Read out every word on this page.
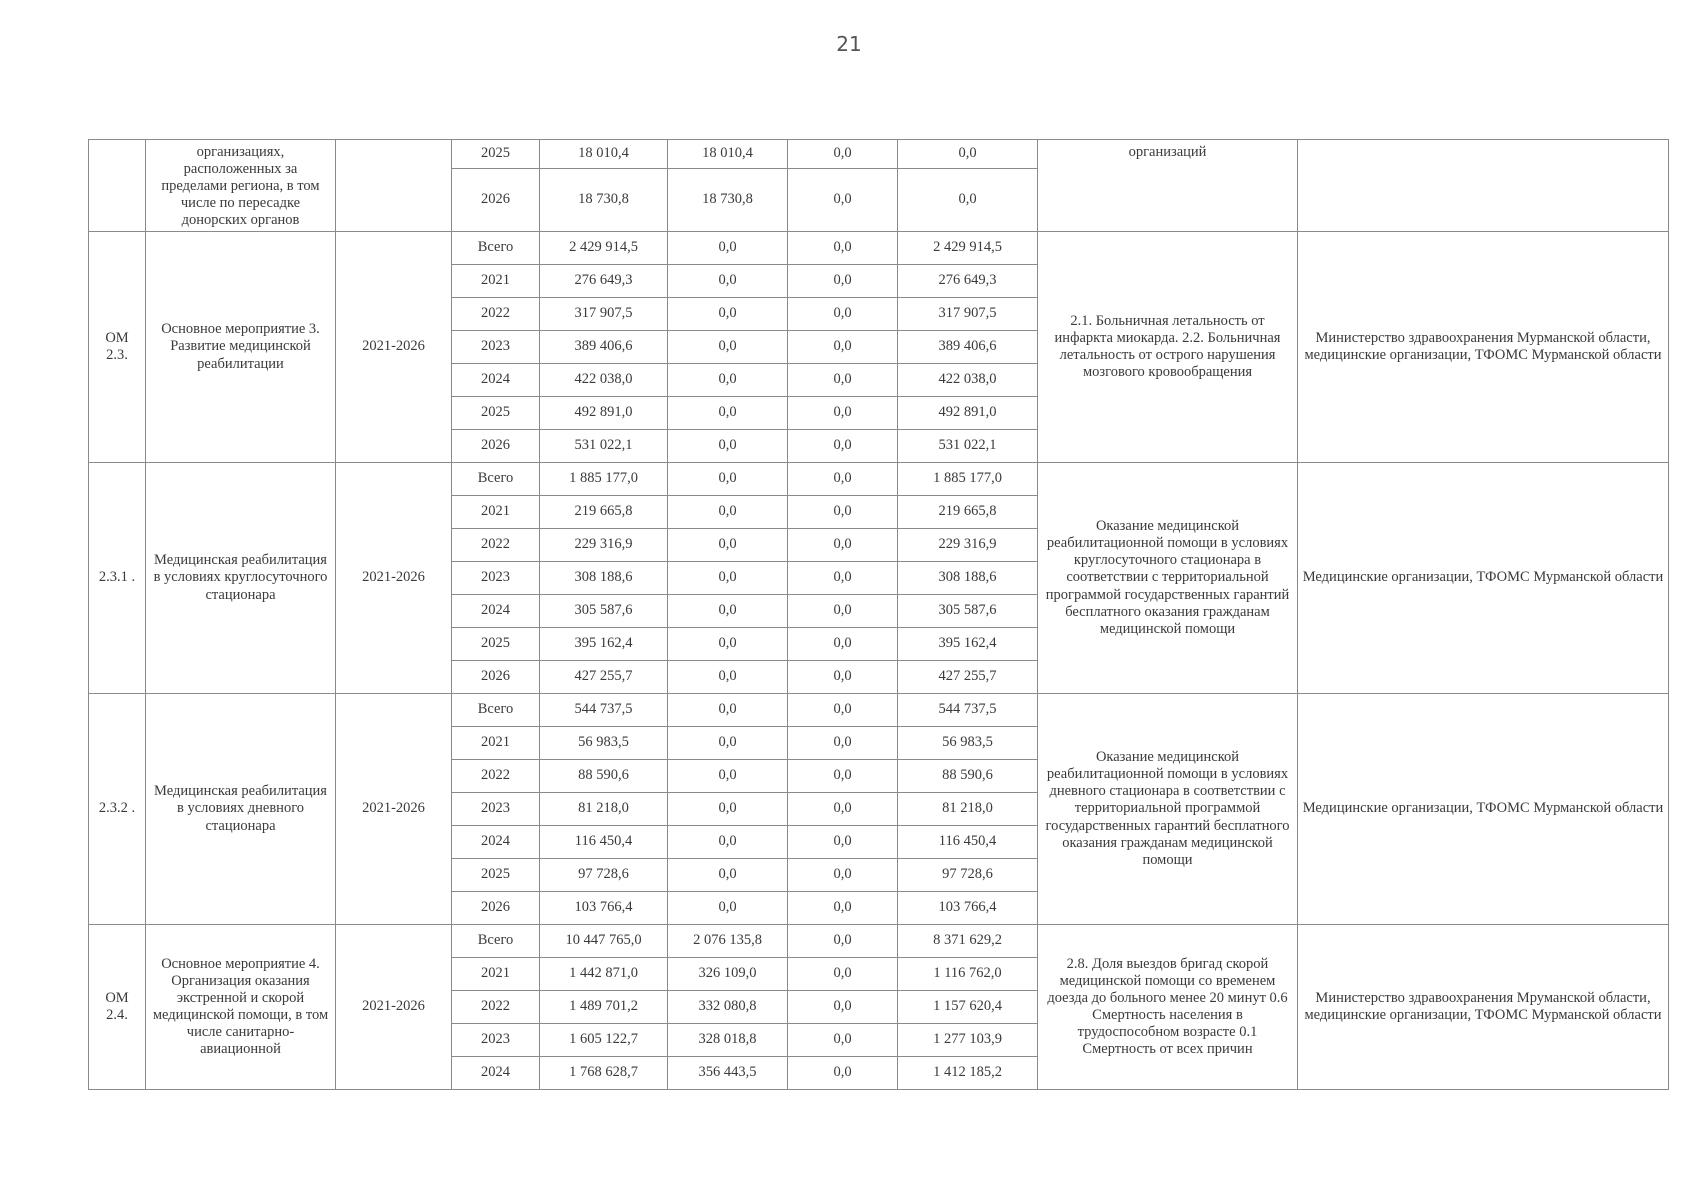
21
	организациях, расположенных за пределами региона, в том числе по пересадке донорских органов		2025	18 010,4	18 010,4	0,0	0,0	организаций	
			2026	18 730,8	18 730,8	0,0	0,0		
ОМ 2.3.	Основное мероприятие 3. Развитие медицинской реабилитации	2021-2026	Всего	2 429 914,5	0,0	0,0	2 429 914,5	2.1. Больничная летальность от инфаркта миокарда. 2.2. Больничная летальность от острого нарушения мозгового кровообращения	Министерство здравоохранения Мурманской области, медицинские организации, ТФОМС Мурманской области
			2021	276 649,3	0,0	0,0	276 649,3		
			2022	317 907,5	0,0	0,0	317 907,5		
			2023	389 406,6	0,0	0,0	389 406,6		
			2024	422 038,0	0,0	0,0	422 038,0		
			2025	492 891,0	0,0	0,0	492 891,0		
			2026	531 022,1	0,0	0,0	531 022,1		
2.3.1 .	Медицинская реабилитация в условиях круглосуточного стационара	2021-2026	Всего	1 885 177,0	0,0	0,0	1 885 177,0	Оказание медицинской реабилитационной помощи в условиях круглосуточного стационара в соответствии с территориальной программой государственных гарантий бесплатного оказания гражданам медицинской помощи	Медицинские организации, ТФОМС Мурманской области
			2021	219 665,8	0,0	0,0	219 665,8		
			2022	229 316,9	0,0	0,0	229 316,9		
			2023	308 188,6	0,0	0,0	308 188,6		
			2024	305 587,6	0,0	0,0	305 587,6		
			2025	395 162,4	0,0	0,0	395 162,4		
			2026	427 255,7	0,0	0,0	427 255,7		
2.3.2 .	Медицинская реабилитация в условиях дневного стационара	2021-2026	Всего	544 737,5	0,0	0,0	544 737,5	Оказание медицинской реабилитационной помощи в условиях дневного стационара в соответствии с территориальной программой государственных гарантий бесплатного оказания гражданам медицинской помощи	Медицинские организации, ТФОМС Мурманской области
			2021	56 983,5	0,0	0,0	56 983,5		
			2022	88 590,6	0,0	0,0	88 590,6		
			2023	81 218,0	0,0	0,0	81 218,0		
			2024	116 450,4	0,0	0,0	116 450,4		
			2025	97 728,6	0,0	0,0	97 728,6		
			2026	103 766,4	0,0	0,0	103 766,4		
ОМ 2.4.	Основное мероприятие 4. Организация оказания экстренной и скорой медицинской помощи, в том числе санитарно-авиационной	2021-2026	Всего	10 447 765,0	2 076 135,8	0,0	8 371 629,2	2.8. Доля выездов бригад скорой медицинской помощи со временем доезда до больного менее 20 минут 0.6 Смертность населения в трудоспособном возрасте 0.1 Смертность от всех причин	Министерство здравоохранения Мруманской области, медицинские организации, ТФОМС Мурманской области
			2021	1 442 871,0	326 109,0	0,0	1 116 762,0		
			2022	1 489 701,2	332 080,8	0,0	1 157 620,4		
			2023	1 605 122,7	328 018,8	0,0	1 277 103,9		
			2024	1 768 628,7	356 443,5	0,0	1 412 185,2		
